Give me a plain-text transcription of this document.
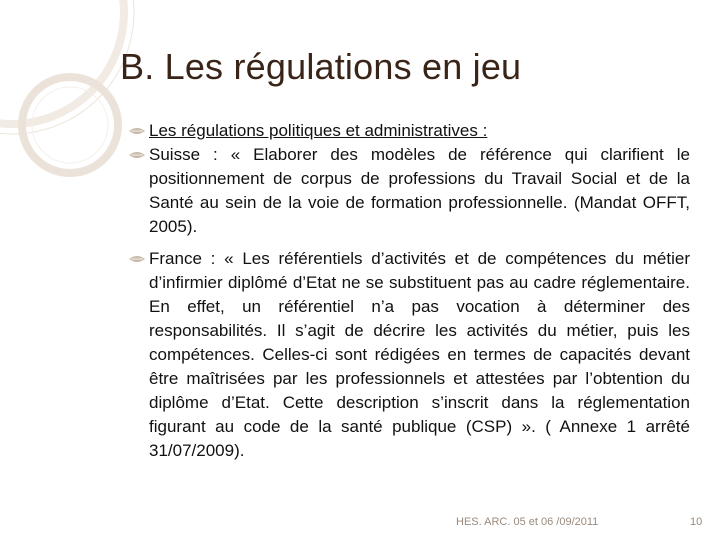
B. Les régulations en jeu
Les régulations politiques et administratives :
Suisse : « Elaborer des modèles de référence qui clarifient le positionnement de corpus de professions du Travail Social et de la Santé au sein de la voie de formation professionnelle. (Mandat OFFT, 2005).
France : « Les référentiels d’activités et de compétences du métier d’infirmier diplômé d’Etat ne se substituent pas au cadre réglementaire. En effet, un référentiel n’a pas vocation à déterminer des responsabilités. Il s’agit de décrire les activités du métier, puis les compétences. Celles-ci sont rédigées en termes de capacités devant être maîtrisées par les professionnels et attestées par l’obtention du diplôme d’Etat. Cette description s’inscrit dans la réglementation figurant au code de la santé publique (CSP) ». ( Annexe 1 arrêté 31/07/2009).
HES. ARC. 05 et 06 /09/2011	10
